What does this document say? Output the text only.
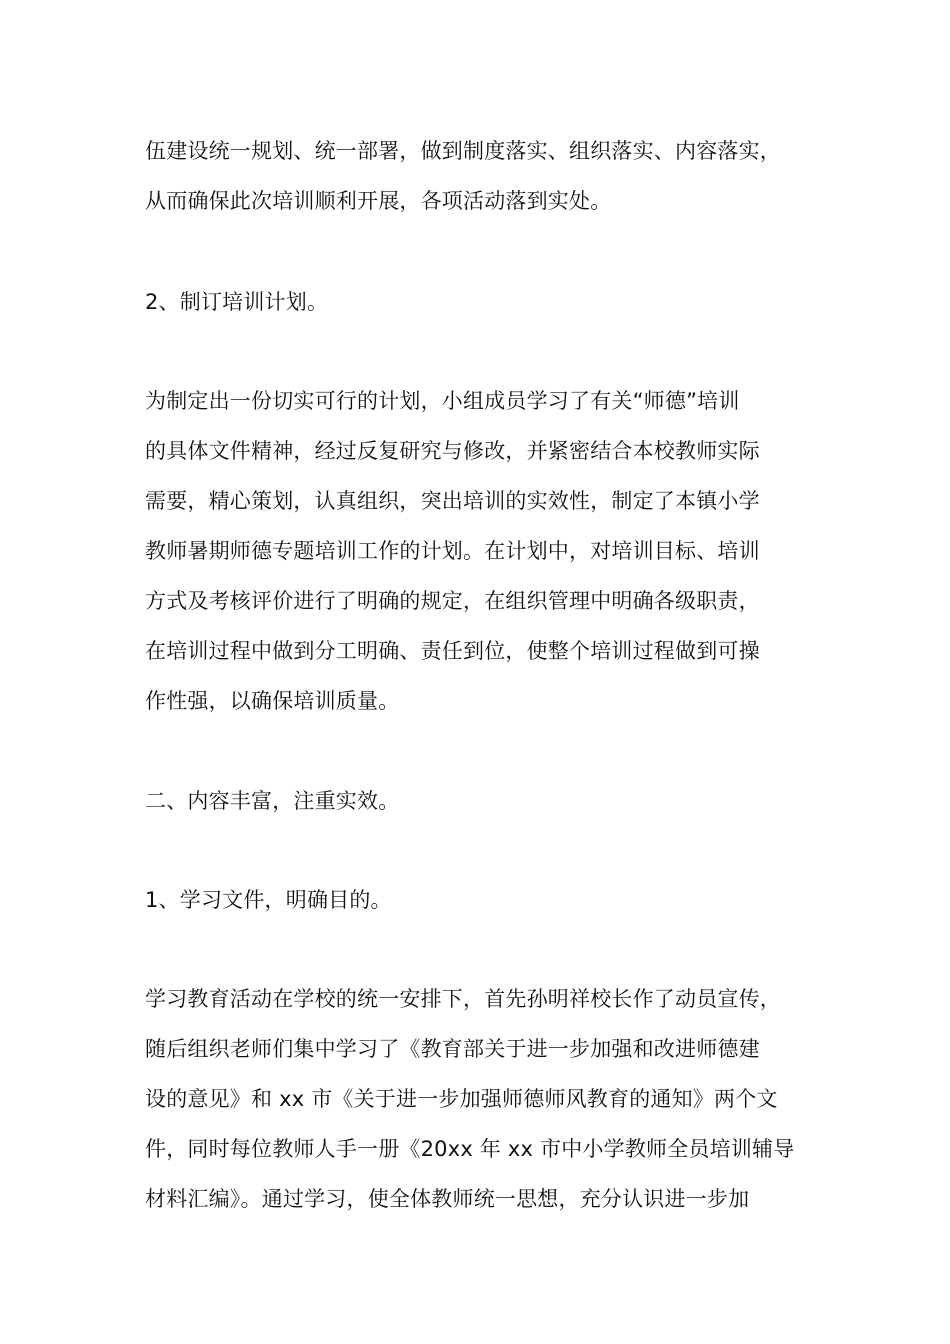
伍建设统一规划、统一部署，做到制度落实、组织落实、内容落实，
从而确保此次培训顺利开展，各项活动落到实处。
2、制订培训计划。
为制定出一份切实可行的计划，小组成员学习了有关“师德”培训
的具体文件精神，经过反复研究与修改，并紧密结合本校教师实际
需要，精心策划，认真组织，突出培训的实效性，制定了本镇小学
教师暑期师德专题培训工作的计划。在计划中，对培训目标、培训
方式及考核评价进行了明确的规定，在组织管理中明确各级职责，
在培训过程中做到分工明确、责任到位，使整个培训过程做到可操
作性强，以确保培训质量。
二、内容丰富，注重实效。
1、学习文件，明确目的。
学习教育活动在学校的统一安排下，首先孙明祥校长作了动员宣传，
随后组织老师们集中学习了《教育部关于进一步加强和改进师德建
设的意见》和 xx 市《关于进一步加强师德师风教育的通知》两个文
件，同时每位教师人手一册《20xx 年 xx 市中小学教师全员培训辅导
材料汇编》。通过学习，使全体教师统一思想，充分认识进一步加
